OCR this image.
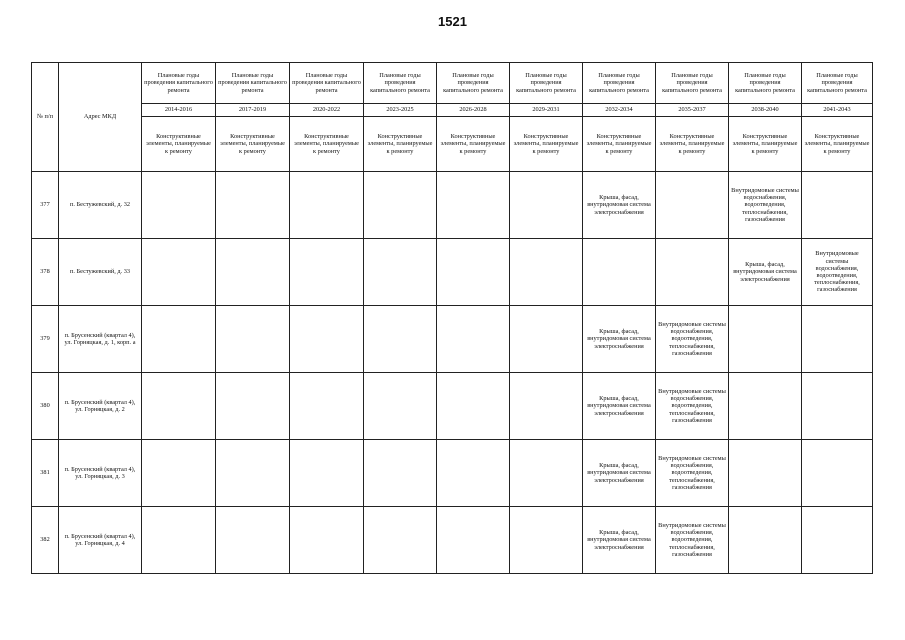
1521
№ п/п	Адрес МКД	Плановые годы проведения капитального ремонта	Плановые годы проведения капитального ремонта	Плановые годы проведения капитального ремонта	Плановые годы проведения капитального ремонта	Плановые годы проведения капитального ремонта	Плановые годы проведения капитального ремонта	Плановые годы проведения капитального ремонта	Плановые годы проведения капитального ремонта	Плановые годы проведения капитального ремонта	Плановые годы проведения капитального ремонта
		2014-2016	2017-2019	2020-2022	2023-2025	2026-2028	2029-2031	2032-2034	2035-2037	2038-2040	2041-2043
		Конструктивные элементы, планируемые к ремонту	Конструктивные элементы, планируемые к ремонту	Конструктивные элементы, планируемые к ремонту	Конструктивные элементы, планируемые к ремонту	Конструктивные элементы, планируемые к ремонту	Конструктивные элементы, планируемые к ремонту	Конструктивные элементы, планируемые к ремонту	Конструктивные элементы, планируемые к ремонту	Конструктивные элементы, планируемые к ремонту	Конструктивные элементы, планируемые к ремонту
377	п. Бестужевский, д. 32							Крыша, фасад, внутридомовая система электроснабжения		Внутридомовые системы водоснабжения, водоотведения, теплоснабжения, газоснабжения	
378	п. Бестужевский, д. 33									Крыша, фасад, внутридомовая система электроснабжения	Внутридомовые системы водоснабжения, водоотведения, теплоснабжения, газоснабжения
379	п. Брусенский (квартал 4), ул. Горняцкая, д. 1, корп. а							Крыша, фасад, внутридомовая система электроснабжения	Внутридомовые системы водоснабжения, водоотведения, теплоснабжения, газоснабжения		
380	п. Брусенский (квартал 4), ул. Горняцкая, д. 2							Крыша, фасад, внутридомовая система электроснабжения	Внутридомовые системы водоснабжения, водоотведения, теплоснабжения, газоснабжения		
381	п. Брусенский (квартал 4), ул. Горняцкая, д. 3							Крыша, фасад, внутридомовая система электроснабжения	Внутридомовые системы водоснабжения, водоотведения, теплоснабжения, газоснабжения		
382	п. Брусенский (квартал 4), ул. Горняцкая, д. 4							Крыша, фасад, внутридомовая система электроснабжения	Внутридомовые системы водоснабжения, водоотведения, теплоснабжения, газоснабжения		
